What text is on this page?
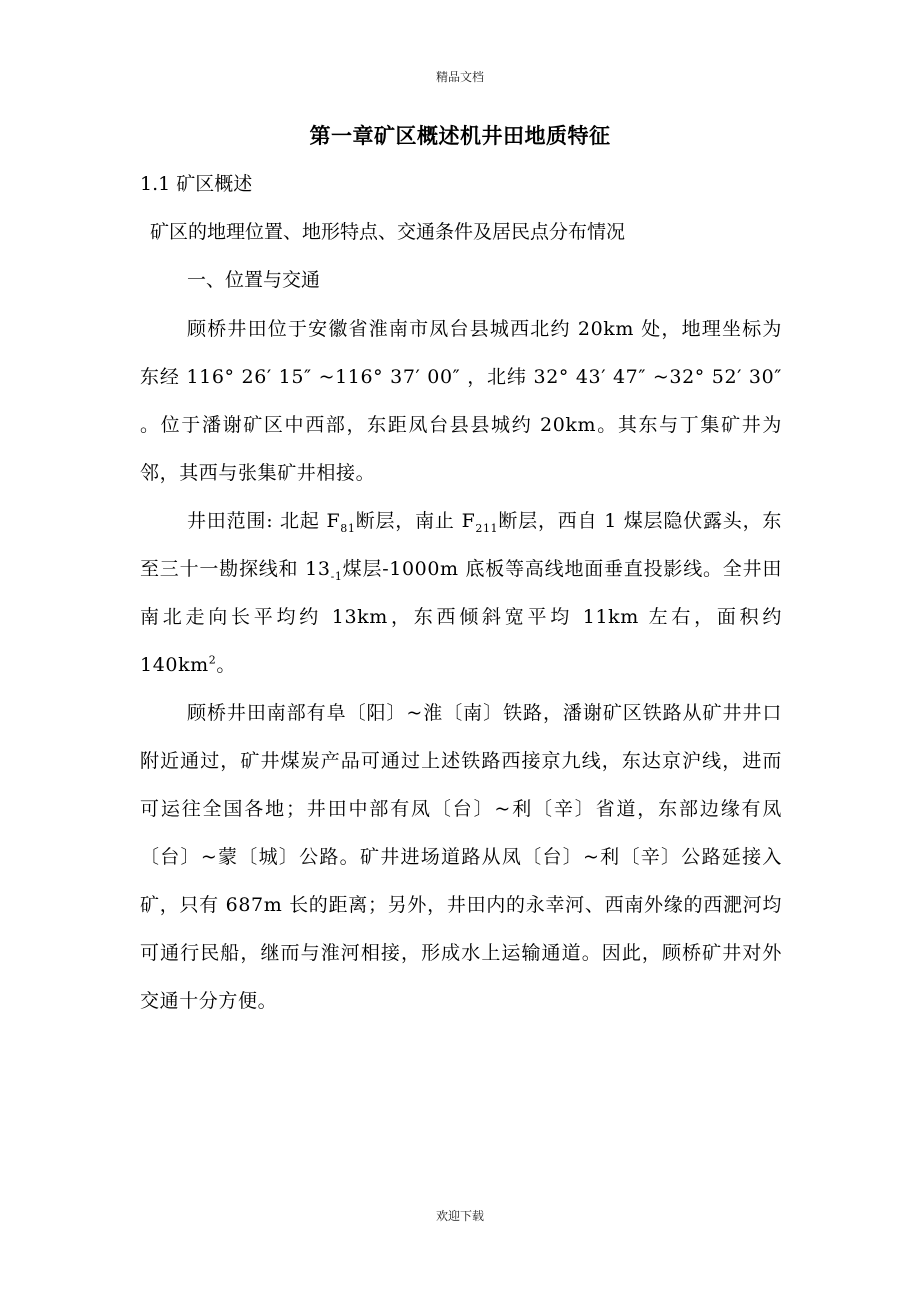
精品文档
第一章矿区概述机井田地质特征
1.1 矿区概述
矿区的地理位置、地形特点、交通条件及居民点分布情况
一、位置与交通
顾桥井田位于安徽省淮南市凤台县城西北约 20km 处，地理坐标为东经 116° 26′ 15″ ~116° 37′ 00″ ，北纬 32° 43′ 47″ ~32° 52′ 30″ 。位于潘谢矿区中西部，东距凤台县县城约 20km。其东与丁集矿井为邻，其西与张集矿井相接。
井田范围: 北起 $F_{81}$断层，南止 $F_{211}$断层，西自 1 煤层隐伏露头，东至三十一勘探线和 $13_{-1}$煤层-1000m 底板等高线地面垂直投影线。全井田南北走向长平均约 13km，东西倾斜宽平均 11km 左右，面积约 $140km^2$。
顾桥井田南部有阜〔阳〕~淮〔南〕铁路，潘谢矿区铁路从矿井井口附近通过，矿井煤炭产品可通过上述铁路西接京九线，东达京沪线，进而可运往全国各地；井田中部有凤〔台〕~利〔辛〕省道，东部边缘有凤〔台〕~蒙〔城〕公路。矿井进场道路从凤〔台〕~利〔辛〕公路延接入矿，只有 687m 长的距离；另外，井田内的永幸河、西南外缘的西淝河均可通行民船，继而与淮河相接，形成水上运输通道。因此，顾桥矿井对外交通十分方便。
欢迎下载
